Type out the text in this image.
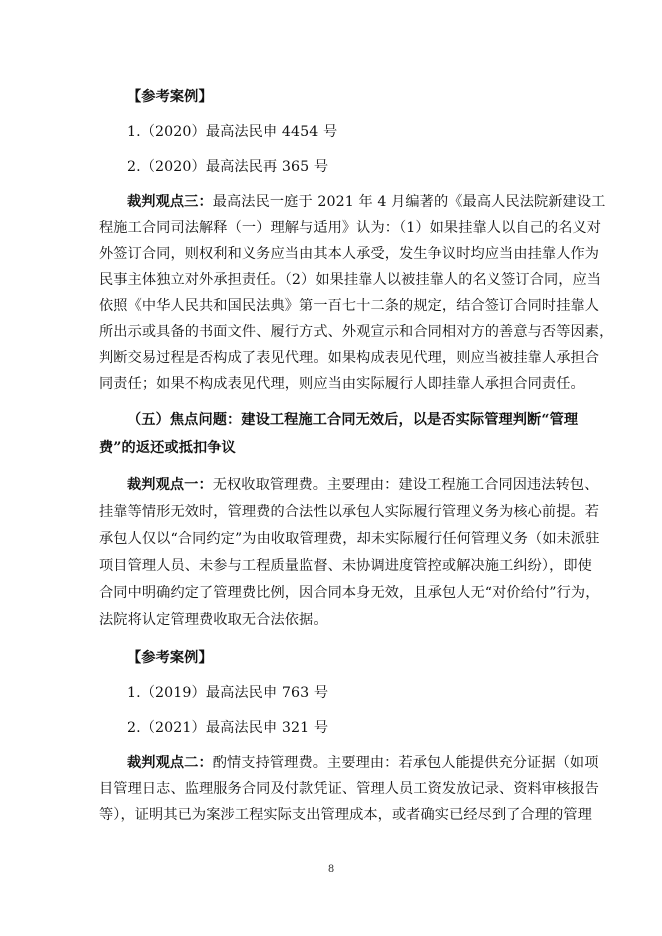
【参考案例】
1.（2020）最高法民申 4454 号
2.（2020）最高法民再 365 号
裁判观点三：最高法民一庭于 2021 年 4 月编著的《最高人民法院新建设工
程施工合同司法解释（一）理解与适用》认为：（1）如果挂靠人以自己的名义对
外签订合同，则权利和义务应当由其本人承受，发生争议时均应当由挂靠人作为
民事主体独立对外承担责任。（2）如果挂靠人以被挂靠人的名义签订合同，应当
依照《中华人民共和国民法典》第一百七十二条的规定，结合签订合同时挂靠人
所出示或具备的书面文件、履行方式、外观宣示和合同相对方的善意与否等因素，
判断交易过程是否构成了表见代理。如果构成表见代理，则应当被挂靠人承担合
同责任；如果不构成表见代理，则应当由实际履行人即挂靠人承担合同责任。
（五）焦点问题：建设工程施工合同无效后，以是否实际管理判断“管理
费”的返还或抵扣争议
裁判观点一：无权收取管理费。主要理由：建设工程施工合同因违法转包、
挂靠等情形无效时，管理费的合法性以承包人实际履行管理义务为核心前提。若
承包人仅以“合同约定”为由收取管理费，却未实际履行任何管理义务（如未派驻
项目管理人员、未参与工程质量监督、未协调进度管控或解决施工纠纷），即使
合同中明确约定了管理费比例，因合同本身无效，且承包人无“对价给付”行为，
法院将认定管理费收取无合法依据。
【参考案例】
1.（2019）最高法民申 763 号
2.（2021）最高法民申 321 号
裁判观点二：酌情支持管理费。主要理由：若承包人能提供充分证据（如项
目管理日志、监理服务合同及付款凭证、管理人员工资发放记录、资料审核报告
等），证明其已为案涉工程实际支出管理成本，或者确实已经尽到了合理的管理
8
